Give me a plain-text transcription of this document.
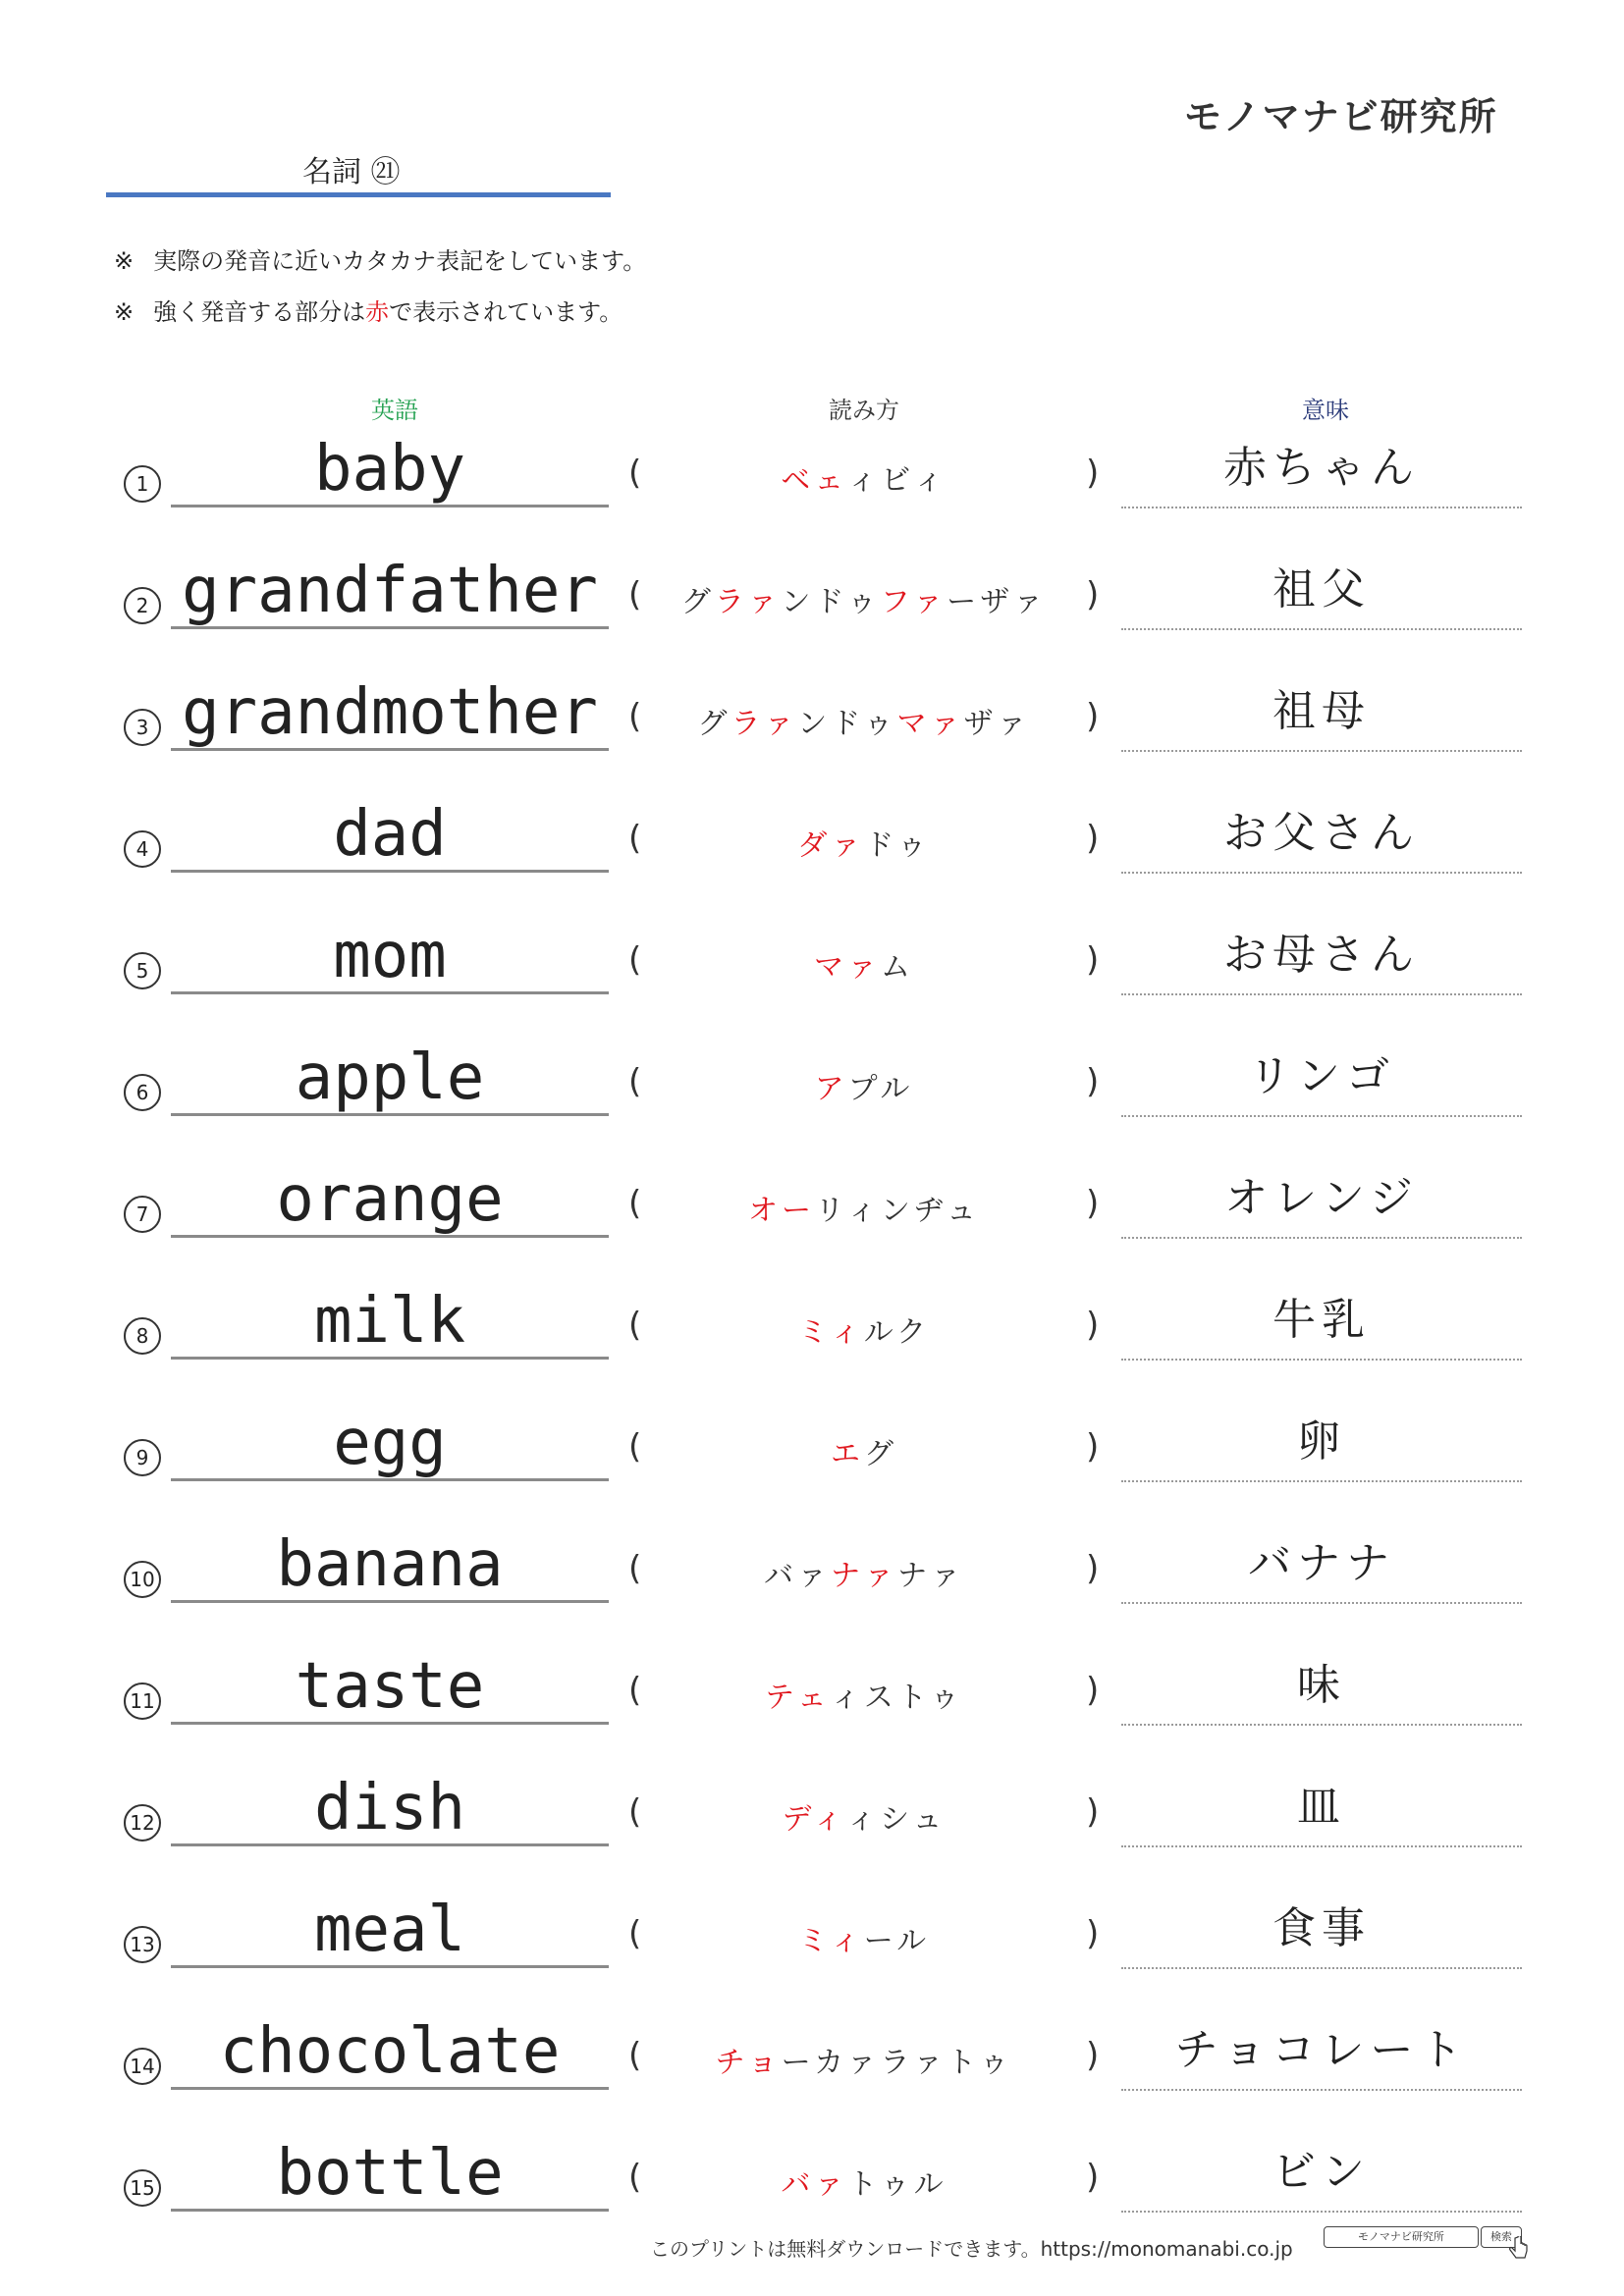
モノマナビ研究所
名詞 ㉑
※ 実際の発音に近いカタカナ表記をしています。
※ 強く発音する部分は赤で表示されています。
英語	読み方	意味
1	baby	(	ベェィビィ	)	赤ちゃん
2 grandfather (	グラァンドゥファーザァ	)	祖父
3 grandmother (	グラァンドゥマァザァ	)	祖母
4	dad	(	ダァドゥ	)	お父さん
5	mom	(	マァム	)	お母さん
6	apple	(	アプル	)	リンゴ
7	orange	(	オーリィンヂュ	)	オレンジ
8	milk	(	ミィルク	)	牛乳
9	egg	(	エグ	)	卵
10	banana	(	バァナァナァ	)	バナナ
11	taste	(	テェィストゥ	)	味
12	dish	(	ディィシュ	)	皿
13	meal	(	ミィール	)	食事
14	chocolate	(	チョーカァラァトゥ	)	チョコレート
15	bottle	(	バァトゥル	)	ビン
このプリントは無料ダウンロードできます。https://monomanabi.co.jp
モノマナビ研究所	検索
